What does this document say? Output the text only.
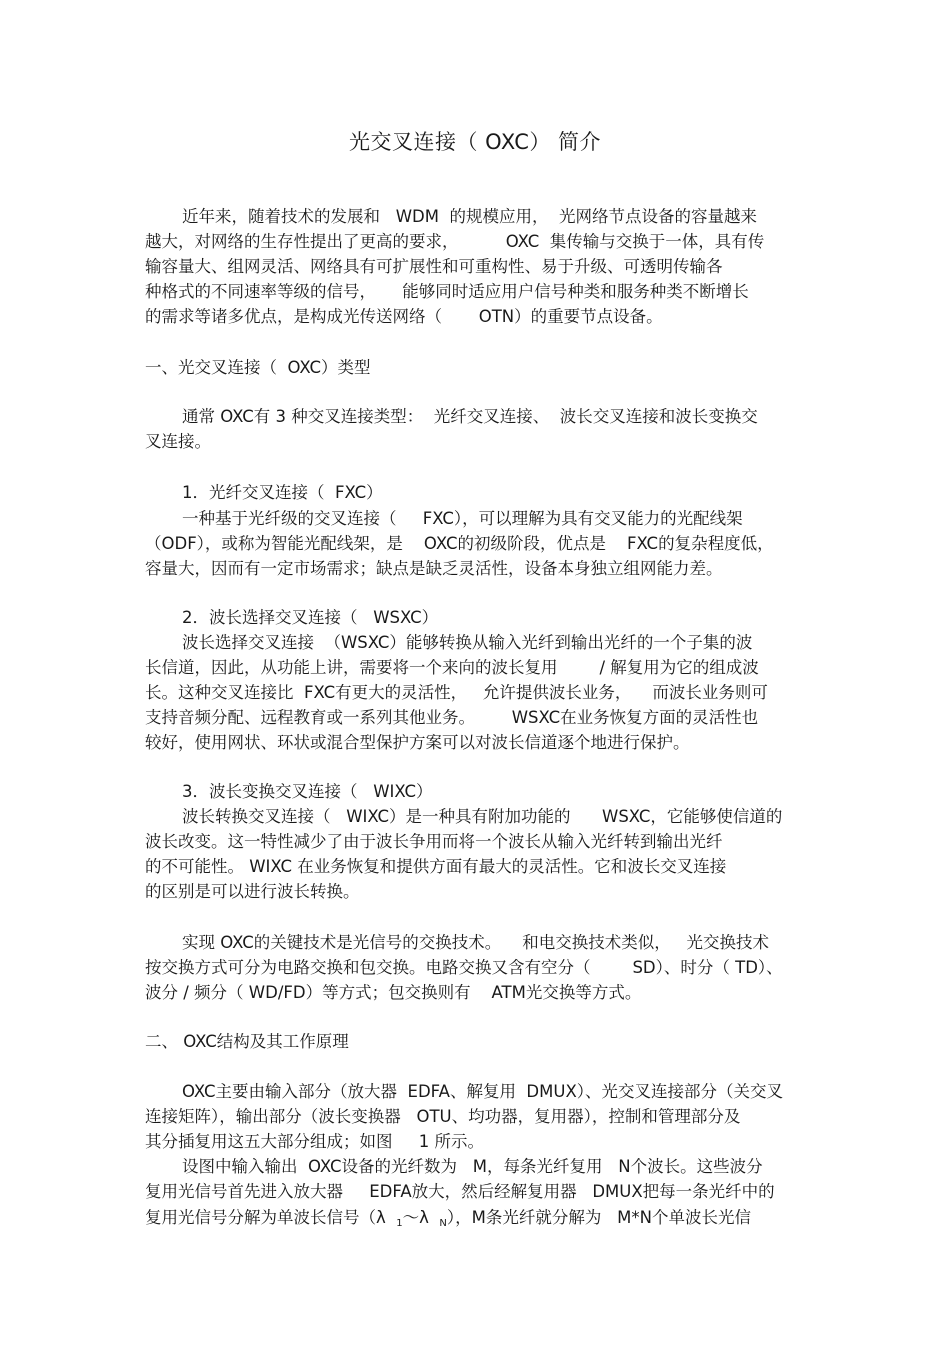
光交叉连接（ OXC） 简介
近年来，随着技术的发展和   WDM  的规模应用，  光网络节点设备的容量越来
越大，对网络的生存性提出了更高的要求，         OXC  集传输与交换于一体，具有传
输容量大、组网灵活、网络具有可扩展性和可重构性、易于升级、可透明传输各
种格式的不同速率等级的信号，     能够同时适应用户信号种类和服务种类不断增长
的需求等诸多优点，是构成光传送网络（       OTN）的重要节点设备。
一、光交叉连接（  OXC）类型
通常 OXC有 3 种交叉连接类型：  光纤交叉连接、  波长交叉连接和波长变换交
叉连接。
1．光纤交叉连接（  FXC）
一种基于光纤级的交叉连接（     FXC），可以理解为具有交叉能力的光配线架
（ODF），或称为智能光配线架，是    OXC的初级阶段，优点是    FXC的复杂程度低，
容量大，因而有一定市场需求；缺点是缺乏灵活性，设备本身独立组网能力差。
2．波长选择交叉连接（   WSXC）
波长选择交叉连接  （WSXC）能够转换从输入光纤到输出光纤的一个子集的波
长信道，因此，从功能上讲，需要将一个来向的波长复用        / 解复用为它的组成波
长。这种交叉连接比  FXC有更大的灵活性，   允许提供波长业务，    而波长业务则可
支持音频分配、远程教育或一系列其他业务。       WSXC在业务恢复方面的灵活性也
较好，使用网状、环状或混合型保护方案可以对波长信道逐个地进行保护。
3．波长变换交叉连接（   WIXC）
波长转换交叉连接（   WIXC）是一种具有附加功能的      WSXC，它能够使信道的
波长改变。这一特性减少了由于波长争用而将一个波长从输入光纤转到输出光纤
的不可能性。 WIXC 在业务恢复和提供方面有最大的灵活性。它和波长交叉连接
的区别是可以进行波长转换。
实现 OXC的关键技术是光信号的交换技术。    和电交换技术类似，   光交换技术
按交换方式可分为电路交换和包交换。电路交换又含有空分（        SD）、时分（ TD）、
波分 / 频分（ WD/FD）等方式；包交换则有    ATM光交换等方式。
二、 OXC结构及其工作原理
OXC主要由输入部分（放大器  EDFA、解复用  DMUX）、光交叉连接部分（关交叉
连接矩阵），输出部分（波长变换器   OTU、均功器，复用器），控制和管理部分及
其分插复用这五大部分组成；如图     1 所示。
设图中输入输出  OXC设备的光纤数为   M，每条光纤复用   N个波长。这些波分
复用光信号首先进入放大器     EDFA放大，然后经解复用器   DMUX把每一条光纤中的
复用光信号分解为单波长信号（λ  $_1$～λ  $_N$），M条光纤就分解为   M*N个单波长光信
